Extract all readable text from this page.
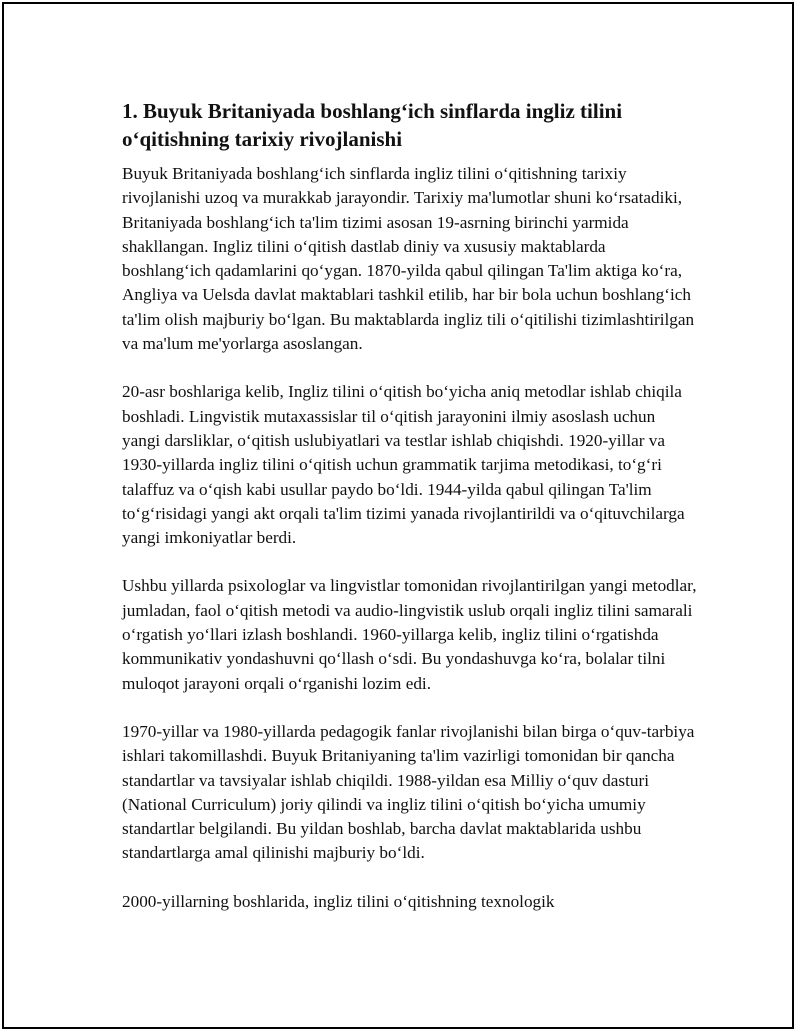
1. Buyuk Britaniyada boshlang‘ich sinflarda ingliz tilini o‘qitishning tarixiy rivojlanishi

Buyuk Britaniyada boshlang‘ich sinflarda ingliz tilini o‘qitishning tarixiy rivojlanishi uzoq va murakkab jarayondir. Tarixiy ma'lumotlar shuni ko‘rsatadiki, Britaniyada boshlang‘ich ta'lim tizimi asosan 19-asrning birinchi yarmida shakllangan. Ingliz tilini o‘qitish dastlab diniy va xususiy maktablarda boshlang‘ich qadamlarini qo‘ygan. 1870-yilda qabul qilingan Ta'lim aktiga ko‘ra, Angliya va Uelsda davlat maktablari tashkil etilib, har bir bola uchun boshlang‘ich ta'lim olish majburiy bo‘lgan. Bu maktablarda ingliz tili o‘qitilishi tizimlashtirilgan va ma'lum me'yorlarga asoslangan.

20-asr boshlariga kelib, Ingliz tilini o‘qitish bo‘yicha aniq metodlar ishlab chiqila boshladi. Lingvistik mutaxassislar til o‘qitish jarayonini ilmiy asoslash uchun yangi darsliklar, o‘qitish uslubiyatlari va testlar ishlab chiqishdi. 1920-yillar va 1930-yillarda ingliz tilini o‘qitish uchun grammatik tarjima metodikasi, to‘g‘ri talaffuz va o‘qish kabi usullar paydo bo‘ldi. 1944-yilda qabul qilingan Ta'lim to‘g‘risidagi yangi akt orqali ta'lim tizimi yanada rivojlantirildi va o‘qituvchilarga yangi imkoniyatlar berdi.

Ushbu yillarda psixologlar va lingvistlar tomonidan rivojlantirilgan yangi metodlar, jumladan, faol o‘qitish metodi va audio-lingvistik uslub orqali ingliz tilini samarali o‘rgatish yo‘llari izlash boshlandi. 1960-yillarga kelib, ingliz tilini o‘rgatishda kommunikativ yondashuvni qo‘llash o‘sdi. Bu yondashuvga ko‘ra, bolalar tilni muloqot jarayoni orqali o‘rganishi lozim edi.

1970-yillar va 1980-yillarda pedagogik fanlar rivojlanishi bilan birga o‘quv-tarbiya ishlari takomillashdi. Buyuk Britaniyaning ta'lim vazirligi tomonidan bir qancha standartlar va tavsiyalar ishlab chiqildi. 1988-yildan esa Milliy o‘quv dasturi (National Curriculum) joriy qilindi va ingliz tilini o‘qitish bo‘yicha umumiy standartlar belgilandi. Bu yildan boshlab, barcha davlat maktablarida ushbu standartlarga amal qilinishi majburiy bo‘ldi.

2000-yillarning boshlarida, ingliz tilini o‘qitishning texnologik
